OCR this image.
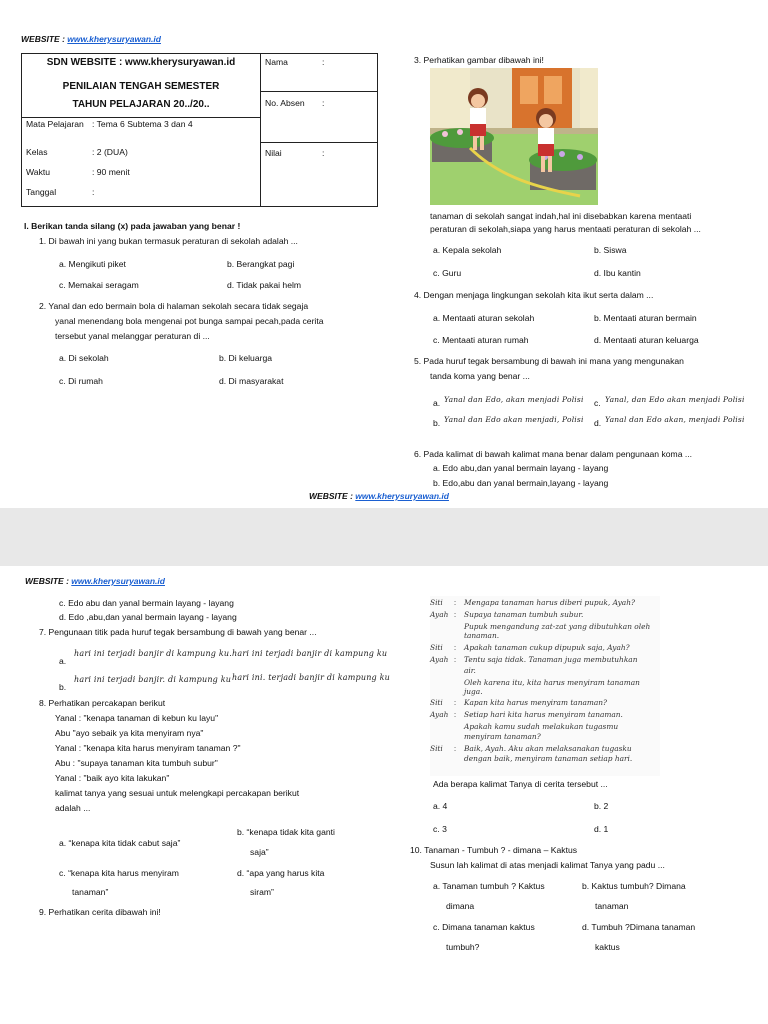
WEBSITE : www.kherysuryawan.id
SDN WEBSITE : www.kherysuryawan.id
PENILAIAN TENGAH SEMESTER
TAHUN PELAJARAN 20../20..
Mata Pelajaran : Tema 6 Subtema 3 dan 4
Kelas	: 2 (DUA)
Waktu	: 90 menit
Tanggal	:
Nama	:
No. Absen :
Nilai	:
I. Berikan tanda silang (x) pada jawaban yang benar !
1. Di bawah ini yang bukan termasuk peraturan di sekolah adalah ...
a. Mengikuti piket	b. Berangkat pagi
c. Memakai seragam	d. Tidak pakai helm
2. Yanal dan edo bermain bola di halaman sekolah secara tidak segaja
yanal menendang bola mengenai pot bunga sampai pecah,pada cerita
tersebut yanal melanggar peraturan di ...
a. Di sekolah	b. Di keluarga
c. Di rumah	d. Di masyarakat
3. Perhatikan gambar dibawah ini!
tanaman di sekolah sangat indah,hal ini disebabkan karena mentaati
peraturan di sekolah,siapa yang harus mentaati peraturan di sekolah ...
a. Kepala sekolah	b. Siswa
c. Guru	d. Ibu kantin
4. Dengan menjaga lingkungan sekolah kita ikut serta dalam ...
a. Mentaati aturan sekolah	b. Mentaati aturan bermain
c. Mentaati aturan rumah	d. Mentaati aturan keluarga
5. Pada huruf tegak bersambung di bawah ini mana yang mengunakan
tanda koma yang benar ...
a. Yanal dan Edo, akan menjadi Polisi c. Yanal, dan Edo akan menjadi Polisi
b. Yanal dan Edo akan menjadi, Polisi d. Yanal dan Edo akan, menjadi Polisi
6. Pada kalimat di bawah kalimat mana benar dalam pengunaan koma ...
a. Edo abu,dan yanal bermain layang - layang
b. Edo,abu dan yanal bermain,layang - layang
WEBSITE : www.kherysuryawan.id
WEBSITE : www.kherysuryawan.id
c. Edo abu dan yanal bermain layang - layang
d. Edo ,abu,dan yanal bermain layang - layang
7. Pengunaan titik pada huruf tegak bersambung di bawah yang benar ...
a.
hari ini terjadi banjir di kampung ku. hari ini terjadi banjir di kampung ku
b.
hari ini terjadi banjir. di kampung ku hari ini. terjadi banjir di kampung ku
8. Perhatikan percakapan berikut
Yanal : "kenapa tanaman di kebun ku layu"
Abu "ayo sebaik ya kita menyiram nya"
Yanal : "kenapa kita harus menyiram tanaman ?"
Abu : "supaya tanaman kita tumbuh subur"
Yanal : "baik ayo kita lakukan"
kalimat tanya yang sesuai untuk melengkapi percakapan berikut
adalah ...
b. “kenapa tidak kita ganti
saja”
a. “kenapa kita tidak cabut saja”
c. “kenapa kita harus menyiram
tanaman”
d. “apa yang harus kita
siram”
9. Perhatikan cerita dibawah ini!
Siti	: Mengapa tanaman harus diberi pupuk, Ayah?
Ayah : Supaya tanaman tumbuh subur.
Pupuk mengandung zat-zat yang dibutuhkan oleh
tanaman.
Siti	: Apakah tanaman cukup dipupuk saja, Ayah?
Ayah : Tentu saja tidak. Tanaman juga membutuhkan
air.
Oleh karena itu, kita harus menyiram tanaman
juga.
Siti	: Kapan kita harus menyiram tanaman?
Ayah : Setiap hari kita harus menyiram tanaman.
Apakah kamu sudah melakukan tugasmu
menyiram tanaman?
Siti	: Baik, Ayah. Aku akan melaksanakan tugasku
dengan baik, menyiram tanaman setiap hari.
Ada berapa kalimat Tanya di cerita tersebut ...
a. 4	b. 2
c. 3	d. 1
10. Tanaman - Tumbuh ? - dimana – Kaktus
Susun lah kalimat di atas menjadi kalimat Tanya yang padu ...
a. Tanaman tumbuh ? Kaktus
dimana
b. Kaktus tumbuh? Dimana
tanaman
c. Dimana tanaman kaktus
tumbuh?
d. Tumbuh ?Dimana tanaman
kaktus
